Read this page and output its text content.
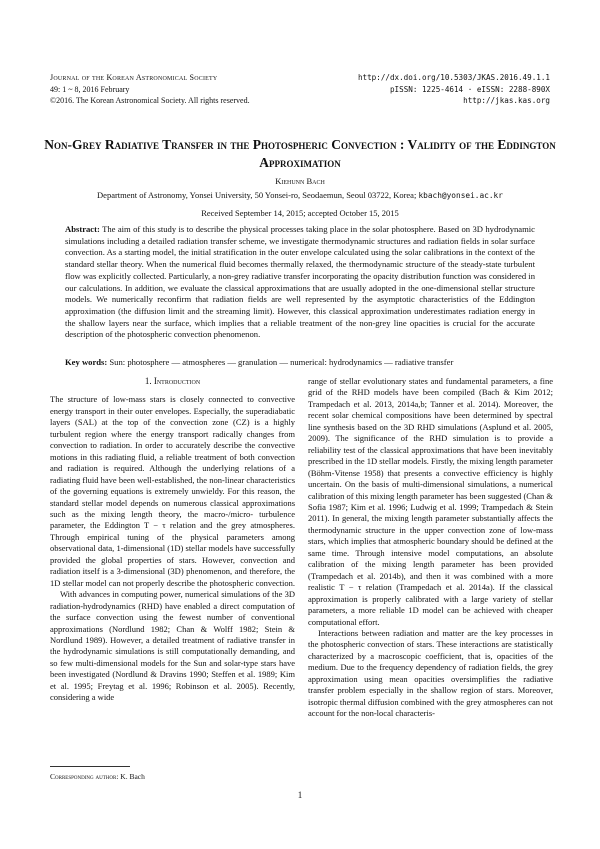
Journal of the Korean Astronomical Society
49: 1 ~ 8, 2016 February
©2016. The Korean Astronomical Society. All rights reserved.
http://dx.doi.org/10.5303/JKAS.2016.49.1.1
pISSN: 1225-4614 · eISSN: 2288-890X
http://jkas.kas.org
Non-Grey Radiative Transfer in the Photospheric Convection : Validity of the Eddington Approximation
Kiehunn Bach
Department of Astronomy, Yonsei University, 50 Yonsei-ro, Seodaemun, Seoul 03722, Korea; kbach@yonsei.ac.kr
Received September 14, 2015; accepted October 15, 2015
Abstract: The aim of this study is to describe the physical processes taking place in the solar photosphere. Based on 3D hydrodynamic simulations including a detailed radiation transfer scheme, we investigate thermodynamic structures and radiation fields in solar surface convection. As a starting model, the initial stratification in the outer envelope calculated using the solar calibrations in the context of the standard stellar theory. When the numerical fluid becomes thermally relaxed, the thermodynamic structure of the steady-state turbulent flow was explicitly collected. Particularly, a non-grey radiative transfer incorporating the opacity distribution function was considered in our calculations. In addition, we evaluate the classical approximations that are usually adopted in the one-dimensional stellar structure models. We numerically reconfirm that radiation fields are well represented by the asymptotic characteristics of the Eddington approximation (the diffusion limit and the streaming limit). However, this classical approximation underestimates radiation energy in the shallow layers near the surface, which implies that a reliable treatment of the non-grey line opacities is crucial for the accurate description of the photospheric convection phenomenon.
Key words: Sun: photosphere — atmospheres — granulation — numerical: hydrodynamics — radiative transfer
1. Introduction

The structure of low-mass stars is closely connected to convective energy transport in their outer envelopes. Especially, the superadiabatic layers (SAL) at the top of the convection zone (CZ) is a highly turbulent region where the energy transport radically changes from convection to radiation. In order to accurately describe the convective motions in this radiating fluid, a reliable treatment of both convection and radiation is required. Although the underlying relations of a radiating fluid have been well-established, the non-linear characteristics of the governing equations is extremely unwieldy. For this reason, the standard stellar model depends on numerous classical approximations such as the mixing length theory, the macro-/micro- turbulence parameter, the Eddington T − τ relation and the grey atmospheres. Through empirical tuning of the physical parameters among observational data, 1-dimensional (1D) stellar models have successfully provided the global properties of stars. However, convection and radiation itself is a 3-dimensional (3D) phenomenon, and therefore, the 1D stellar model can not properly describe the photospheric convection.

With advances in computing power, numerical simulations of the 3D radiation-hydrodynamics (RHD) have enabled a direct computation of the surface convection using the fewest number of conventional approximations (Nordlund 1982; Chan & Wolff 1982; Stein & Nordlund 1989). However, a detailed treatment of radiative transfer in the hydrodynamic simulations is still computationally demanding, and so few multi-dimensional models for the Sun and solar-type stars have been investigated (Nordlund & Dravins 1990; Steffen et al. 1989; Kim et al. 1995; Freytag et al. 1996; Robinson et al. 2005). Recently, considering a wide

range of stellar evolutionary states and fundamental parameters, a fine grid of the RHD models have been compiled (Bach & Kim 2012; Trampedach et al. 2013, 2014a,b; Tanner et al. 2014). Moreover, the recent solar chemical compositions have been determined by spectral line synthesis based on the 3D RHD simulations (Asplund et al. 2005, 2009). The significance of the RHD simulation is to provide a reliability test of the classical approximations that have been inevitably prescribed in the 1D stellar models. Firstly, the mixing length parameter (Böhm-Vitense 1958) that presents a convective efficiency is highly uncertain. On the basis of multi-dimensional simulations, a numerical calibration of this mixing length parameter has been suggested (Chan & Sofia 1987; Kim et al. 1996; Ludwig et al. 1999; Trampedach & Stein 2011). In general, the mixing length parameter substantially affects the thermodynamic structure in the upper convection zone of low-mass stars, which implies that atmospheric boundary should be defined at the same time. Through intensive model computations, an absolute calibration of the mixing length parameter has been provided (Trampedach et al. 2014b), and then it was combined with a more realistic T − τ relation (Trampedach et al. 2014a). If the classical approximation is properly calibrated with a large variety of stellar parameters, a more reliable 1D model can be achieved with cheaper computational effort.

Interactions between radiation and matter are the key processes in the photospheric convection of stars. These interactions are statistically characterized by a macroscopic coefficient, that is, opacities of the medium. Due to the frequency dependency of radiation fields, the grey approximation using mean opacities oversimplifies the radiative transfer problem especially in the shallow region of stars. Moreover, isotropic thermal diffusion combined with the grey atmospheres can not account for the non-local characteris-

Corresponding author: K. Bach
1
